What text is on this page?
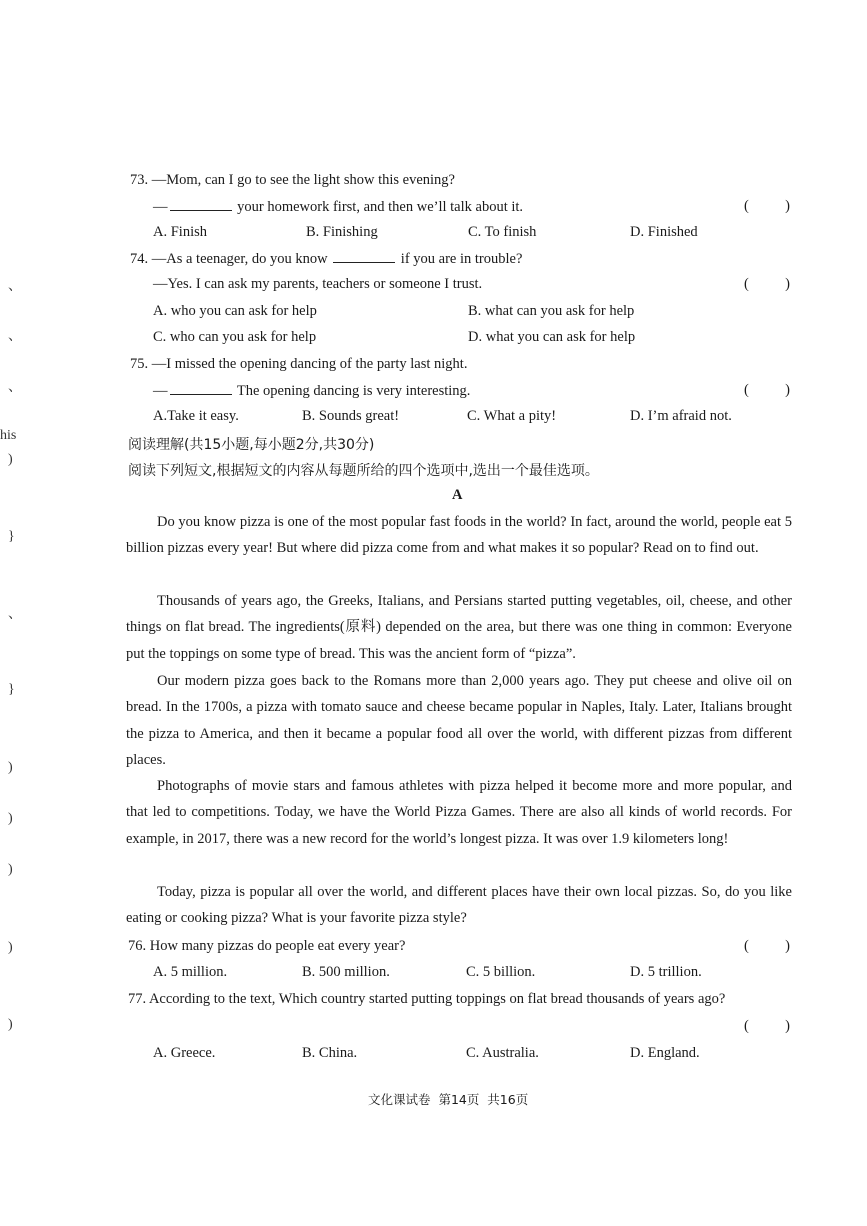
、
、
、
his
)
}
、
}
)
)
)
)
)
73. —Mom, can I go to see the light show this evening?
—	your homework first, and then we’ll talk about it.	(	)
A. Finish	B. Finishing	C. To finish	D. Finished
74. —As a teenager, do you know	if you are in trouble?
—Yes. I can ask my parents, teachers or someone I trust.	(	)
A. who you can ask for help	B. what can you ask for help
C. who can you ask for help	D. what you can ask for help
75. —I missed the opening dancing of the party last night.
—	The opening dancing is very interesting.	(	)
A.Take it easy.	B. Sounds great!	C. What a pity!	D. I’m afraid not.
阅读理解(共15小题,每小题2分,共30分)
阅读下列短文,根据短文的内容从每题所给的四个选项中,选出一个最佳选项。
A
Do you know pizza is one of the most popular fast foods in the world? In fact, around the world, people eat 5 billion pizzas every year! But where did pizza come from and what makes it so popular? Read on to find out.
Thousands of years ago, the Greeks, Italians, and Persians started putting vegetables, oil, cheese, and other things on flat bread. The ingredients(原料) depended on the area, but there was one thing in common: Everyone put the toppings on some type of bread. This was the ancient form of “pizza”.
Our modern pizza goes back to the Romans more than 2,000 years ago. They put cheese and olive oil on bread. In the 1700s, a pizza with tomato sauce and cheese became popular in Naples, Italy. Later, Italians brought the pizza to America, and then it became a popular food all over the world, with different pizzas from different places.
Photographs of movie stars and famous athletes with pizza helped it become more and more popular, and that led to competitions. Today, we have the World Pizza Games. There are also all kinds of world records. For example, in 2017, there was a new record for the world’s longest pizza. It was over 1.9 kilometers long!
Today, pizza is popular all over the world, and different places have their own local pizzas. So, do you like eating or cooking pizza? What is your favorite pizza style?
76. How many pizzas do people eat every year?	(	)
A. 5 million.	B. 500 million.	C. 5 billion.	D. 5 trillion.
77. According to the text, Which country started putting toppings on flat bread thousands of years ago?
(	)
A. Greece.	B. China.	C. Australia.	D. England.
文化课试卷  第14页  共16页
